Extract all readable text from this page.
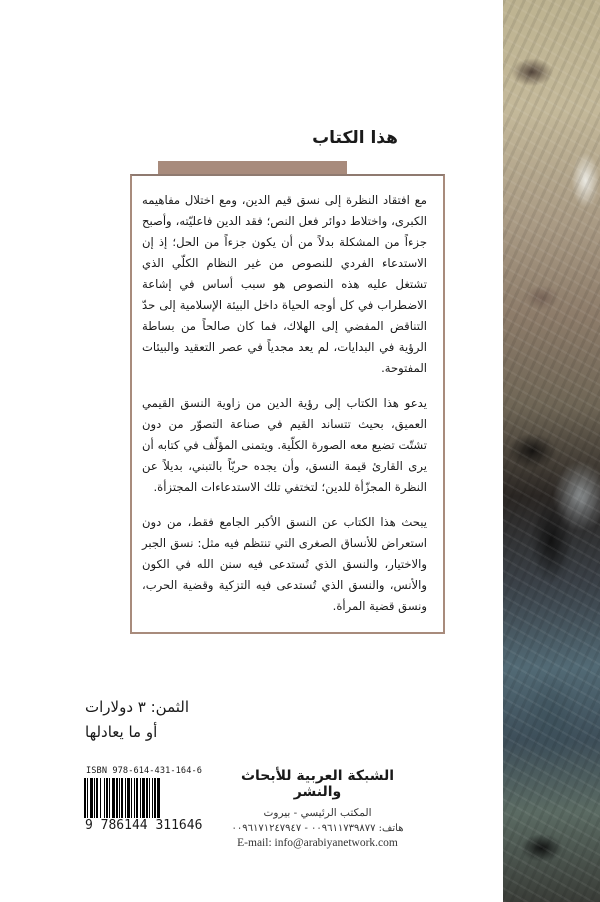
هذا الكتاب

مع افتقاد النظرة إلى نسق قيم الدين، ومع اختلال مفاهيمه الكبرى، واختلاط دوائر فعل النص؛ فقد الدين فاعليّته، وأصبح جزءاً من المشكلة بدلاً من أن يكون جزءاً من الحل؛ إذ إن الاستدعاء الفردي للنصوص من غير النظام الكلّي الذي تشتغل عليه هذه النصوص هو سبب أساس في إشاعة الاضطراب في كل أوجه الحياة داخل البيئة الإسلامية إلى حدّ التناقض المفضي إلى الهلاك، فما كان صالحاً من بساطة الرؤية في البدايات، لم يعد مجدياً في عصر التعقيد والبيئات المفتوحة.

يدعو هذا الكتاب إلى رؤية الدين من زاوية النسق القيمي العميق، بحيث تتساند القيم في صناعة التصوّر من دون تشتّت تضيع معه الصورة الكلّية. ويتمنى المؤلّف في كتابه أن يرى القارئ قيمة النسق، وأن يجده حريّاً بالتبني، بديلاً عن النظرة المجزّأة للدين؛ لتختفي تلك الاستدعاءات المجتزأة.

يبحث هذا الكتاب عن النسق الأكبر الجامع فقط، من دون استعراض للأنساق الصغرى التي تنتظم فيه مثل: نسق الجبر والاختيار، والنسق الذي تُستدعى فيه سنن الله في الكون والأنس، والنسق الذي تُستدعى فيه التزكية وقضية الحرب، ونسق قضية المرأة.

الثمن: ٣ دولارات
أو ما يعادلها
ISBN 978-614-431-164-6
9 786144 311646
الشبكة العربية للأبحاث والنشر
المكتب الرئيسي - بيروت
هاتف: ٠٠٩٦١١٧٣٩٨٧٧ - ٠٠٩٦١٧١٢٤٧٩٤٧
E-mail: info@arabiyanetwork.com
